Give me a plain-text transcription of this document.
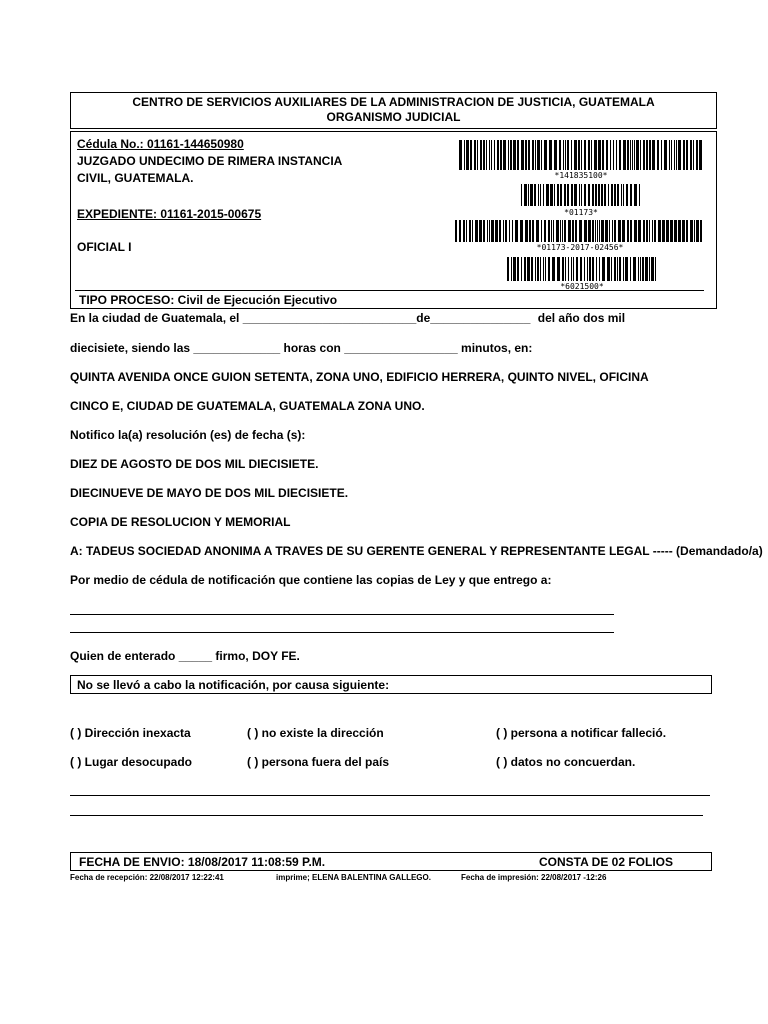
CENTRO DE SERVICIOS AUXILIARES DE LA ADMINISTRACION DE JUSTICIA, GUATEMALA
ORGANISMO JUDICIAL
Cédula No.: 01161-144650980
JUZGADO UNDECIMO DE RIMERA INSTANCIA
CIVIL, GUATEMALA.
EXPEDIENTE: 01161-2015-00675
OFICIAL I
*141835100*
*01173*
*01173-2017-02456*
*6021500*
TIPO PROCESO: Civil de Ejecución Ejecutivo
En la ciudad de Guatemala, el __________________________de_______________ del año dos mil
diecisiete, siendo las _____________ horas con _________________ minutos, en:
QUINTA AVENIDA ONCE GUION SETENTA, ZONA UNO, EDIFICIO HERRERA, QUINTO NIVEL, OFICINA
CINCO E, CIUDAD DE GUATEMALA, GUATEMALA ZONA UNO.
Notifico la(a) resolución (es) de fecha (s):
DIEZ DE AGOSTO DE DOS MIL DIECISIETE.
DIECINUEVE DE MAYO DE DOS MIL DIECISIETE.
COPIA DE RESOLUCION Y MEMORIAL
A: TADEUS SOCIEDAD ANONIMA A TRAVES DE SU GERENTE GENERAL Y REPRESENTANTE LEGAL ----- (Demandado/a)
Por medio de cédula de notificación que contiene las copias de Ley y que entrego a:
Quien de enterado _____ firmo, DOY FE.
No se llevó a cabo la notificación, por causa siguiente:
( ) Dirección inexacta	( ) no existe la dirección	( ) persona a notificar falleció.
( ) Lugar desocupado	( ) persona fuera del país	( ) datos no concuerdan.
FECHA DE ENVIO: 18/08/2017 11:08:59 P.M.	CONSTA DE 02 FOLIOS
Fecha de recepción: 22/08/2017 12:22:41	imprime; ELENA BALENTINA GALLEGO.	Fecha de impresión: 22/08/2017 -12:26
